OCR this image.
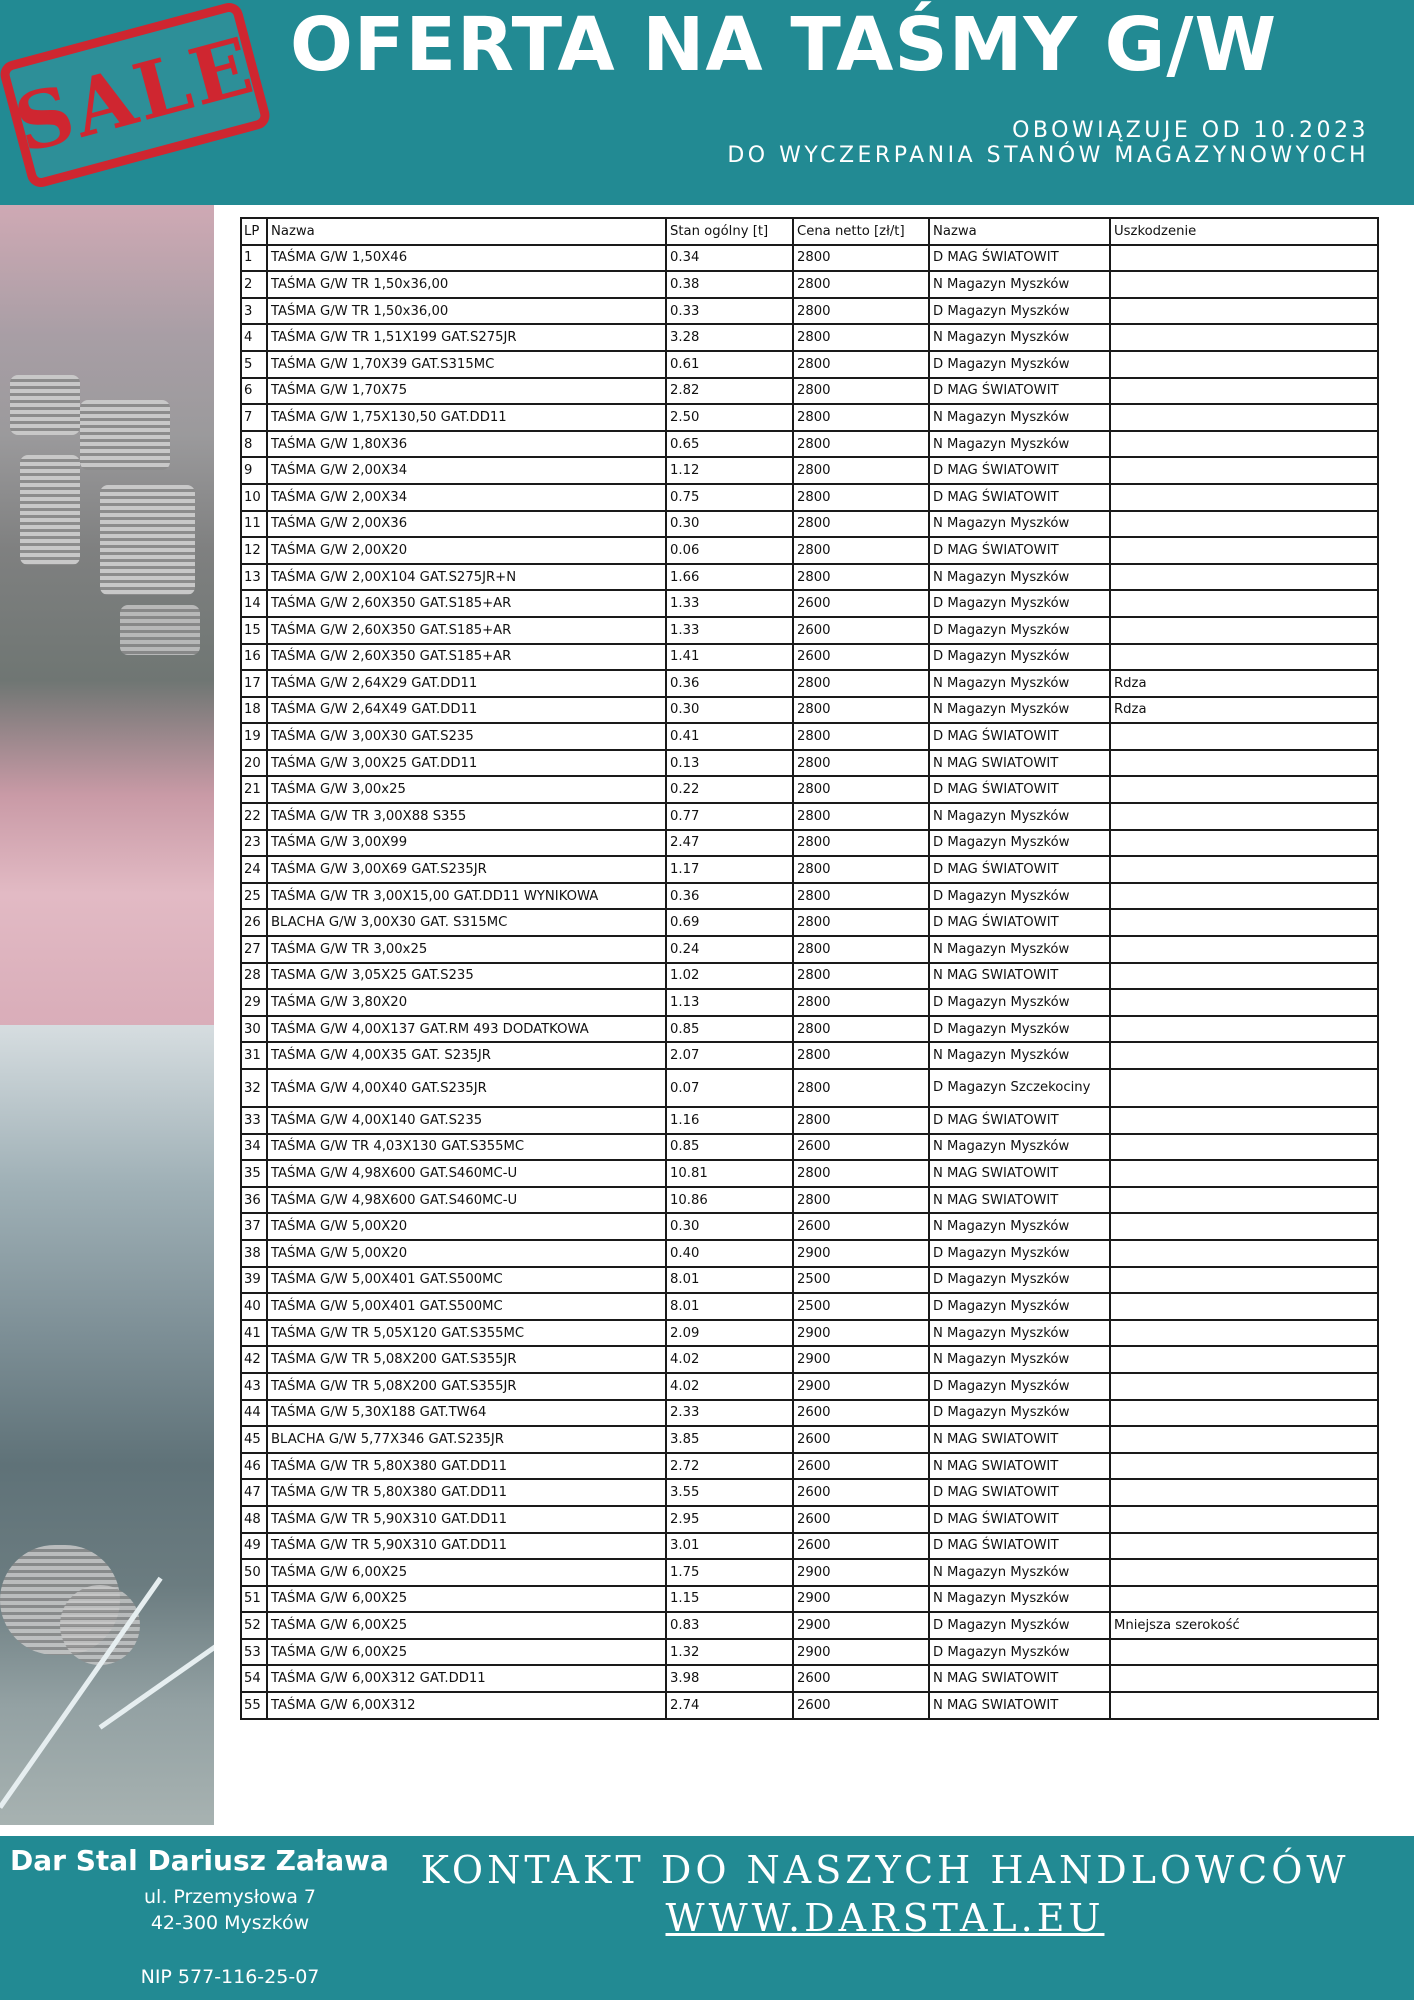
OFERTA NA TAŚMY G/W
OBOWIĄZUJE OD 10.2023
DO WYCZERPANIA STANÓW MAGAZYNOWY0CH
SALE
LP	Nazwa	Stan ogólny [t]	Cena netto [zł/t]	Nazwa	Uszkodzenie
1	TAŚMA G/W 1,50X46	0.34	2800	D MAG ŚWIATOWIT	
2	TAŚMA G/W TR 1,50x36,00	0.38	2800	N Magazyn Myszków	
3	TAŚMA G/W TR 1,50x36,00	0.33	2800	D Magazyn Myszków	
4	TAŚMA G/W TR 1,51X199 GAT.S275JR	3.28	2800	N Magazyn Myszków	
5	TAŚMA G/W 1,70X39 GAT.S315MC	0.61	2800	D Magazyn Myszków	
6	TAŚMA G/W 1,70X75	2.82	2800	D MAG ŚWIATOWIT	
7	TAŚMA G/W 1,75X130,50 GAT.DD11	2.50	2800	N Magazyn Myszków	
8	TAŚMA G/W 1,80X36	0.65	2800	N Magazyn Myszków	
9	TAŚMA G/W 2,00X34	1.12	2800	D MAG ŚWIATOWIT	
10	TAŚMA G/W 2,00X34	0.75	2800	D MAG ŚWIATOWIT	
11	TAŚMA G/W 2,00X36	0.30	2800	N Magazyn Myszków	
12	TAŚMA G/W 2,00X20	0.06	2800	D MAG ŚWIATOWIT	
13	TAŚMA G/W 2,00X104 GAT.S275JR+N	1.66	2800	N Magazyn Myszków	
14	TAŚMA G/W 2,60X350 GAT.S185+AR	1.33	2600	D Magazyn Myszków	
15	TAŚMA G/W 2,60X350 GAT.S185+AR	1.33	2600	D Magazyn Myszków	
16	TAŚMA G/W 2,60X350 GAT.S185+AR	1.41	2600	D Magazyn Myszków	
17	TAŚMA G/W 2,64X29 GAT.DD11	0.36	2800	N Magazyn Myszków	Rdza
18	TAŚMA G/W 2,64X49 GAT.DD11	0.30	2800	N Magazyn Myszków	Rdza
19	TAŚMA G/W 3,00X30 GAT.S235	0.41	2800	D MAG ŚWIATOWIT	
20	TAŚMA G/W 3,00X25 GAT.DD11	0.13	2800	N MAG SWIATOWIT	
21	TAŚMA G/W 3,00x25	0.22	2800	D MAG ŚWIATOWIT	
22	TAŚMA G/W TR 3,00X88 S355	0.77	2800	N Magazyn Myszków	
23	TAŚMA G/W 3,00X99	2.47	2800	D Magazyn Myszków	
24	TAŚMA G/W 3,00X69 GAT.S235JR	1.17	2800	D MAG ŚWIATOWIT	
25	TAŚMA G/W TR 3,00X15,00 GAT.DD11 WYNIKOWA	0.36	2800	D Magazyn Myszków	
26	BLACHA G/W 3,00X30 GAT. S315MC	0.69	2800	D MAG ŚWIATOWIT	
27	TAŚMA G/W TR 3,00x25	0.24	2800	N Magazyn Myszków	
28	TASMA G/W 3,05X25 GAT.S235	1.02	2800	N MAG SWIATOWIT	
29	TAŚMA G/W 3,80X20	1.13	2800	D Magazyn Myszków	
30	TAŚMA G/W 4,00X137 GAT.RM 493 DODATKOWA	0.85	2800	D Magazyn Myszków	
31	TAŚMA G/W 4,00X35 GAT. S235JR	2.07	2800	N Magazyn Myszków	
32	TAŚMA G/W 4,00X40 GAT.S235JR	0.07	2800	D Magazyn Szczekociny	
33	TAŚMA G/W 4,00X140 GAT.S235	1.16	2800	D MAG ŚWIATOWIT	
34	TAŚMA G/W TR 4,03X130 GAT.S355MC	0.85	2600	N Magazyn Myszków	
35	TAŚMA G/W 4,98X600 GAT.S460MC-U	10.81	2800	N MAG SWIATOWIT	
36	TAŚMA G/W 4,98X600 GAT.S460MC-U	10.86	2800	N MAG SWIATOWIT	
37	TAŚMA G/W 5,00X20	0.30	2600	N Magazyn Myszków	
38	TAŚMA G/W 5,00X20	0.40	2900	D Magazyn Myszków	
39	TAŚMA G/W 5,00X401 GAT.S500MC	8.01	2500	D Magazyn Myszków	
40	TAŚMA G/W 5,00X401 GAT.S500MC	8.01	2500	D Magazyn Myszków	
41	TAŚMA G/W TR 5,05X120 GAT.S355MC	2.09	2900	N Magazyn Myszków	
42	TAŚMA G/W TR 5,08X200 GAT.S355JR	4.02	2900	N Magazyn Myszków	
43	TAŚMA G/W TR 5,08X200 GAT.S355JR	4.02	2900	D Magazyn Myszków	
44	TAŚMA G/W 5,30X188 GAT.TW64	2.33	2600	D Magazyn Myszków	
45	BLACHA G/W 5,77X346 GAT.S235JR	3.85	2600	N MAG SWIATOWIT	
46	TAŚMA G/W TR 5,80X380 GAT.DD11	2.72	2600	N MAG SWIATOWIT	
47	TAŚMA G/W TR 5,80X380 GAT.DD11	3.55	2600	D MAG SWIATOWIT	
48	TAŚMA G/W TR 5,90X310 GAT.DD11	2.95	2600	D MAG ŚWIATOWIT	
49	TAŚMA G/W TR 5,90X310 GAT.DD11	3.01	2600	D MAG ŚWIATOWIT	
50	TAŚMA G/W 6,00X25	1.75	2900	N Magazyn Myszków	
51	TAŚMA G/W 6,00X25	1.15	2900	N Magazyn Myszków	
52	TAŚMA G/W 6,00X25	0.83	2900	D Magazyn Myszków	Mniejsza szerokość
53	TAŚMA G/W 6,00X25	1.32	2900	D Magazyn Myszków	
54	TAŚMA G/W 6,00X312 GAT.DD11	3.98	2600	N MAG SWIATOWIT	
55	TAŚMA G/W 6,00X312	2.74	2600	N MAG SWIATOWIT	
Dar Stal Dariusz Zaława
ul. Przemysłowa 7
42-300 Myszków
NIP 577-116-25-07
KONTAKT DO NASZYCH HANDLOWCÓW
WWW.DARSTAL.EU
